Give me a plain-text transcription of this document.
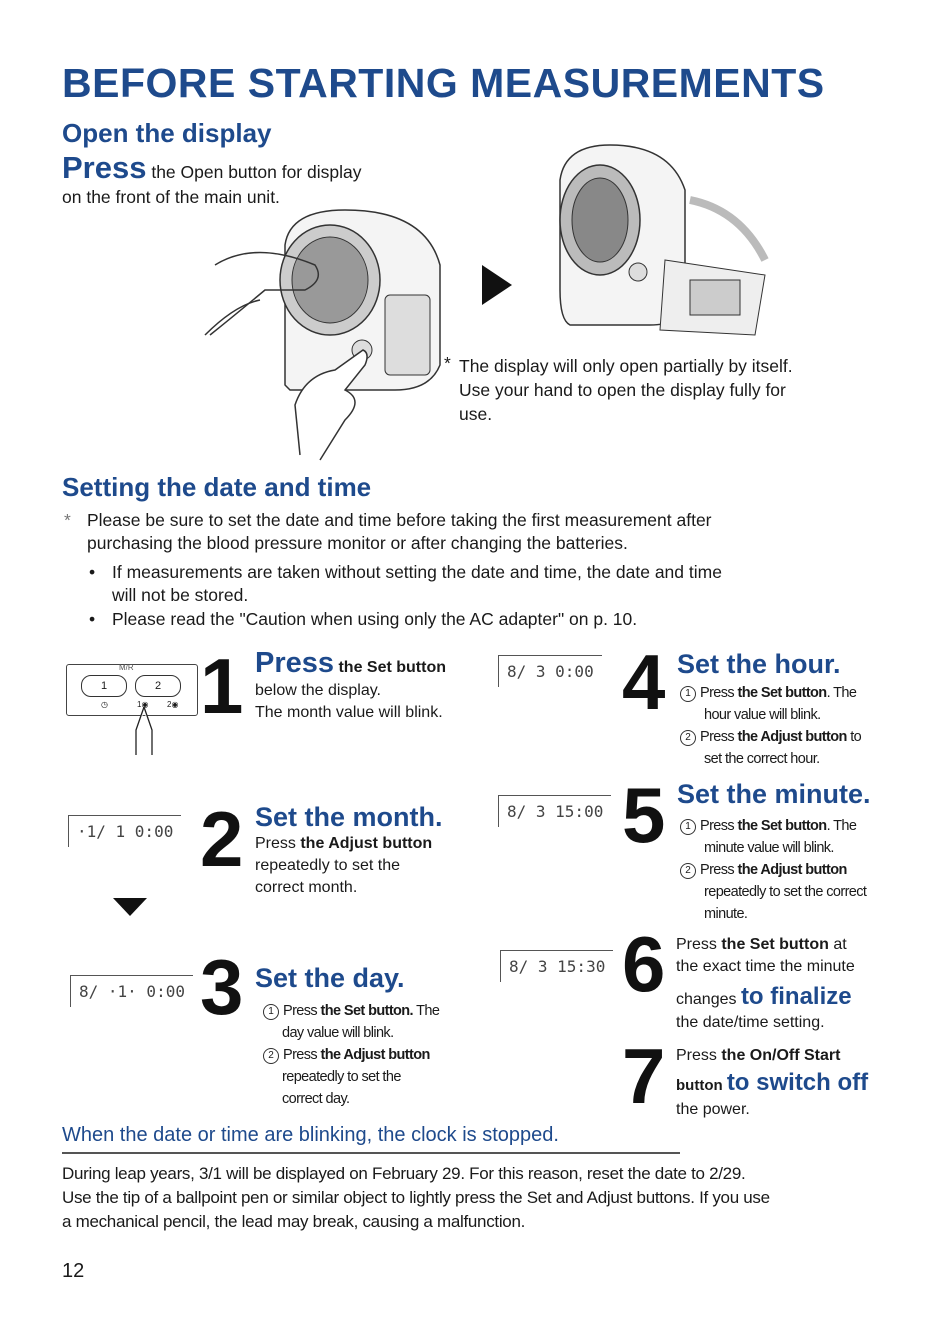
BEFORE STARTING MEASUREMENTS
Open the display
Press the Open button for display
on the front of the main unit.
* The display will only open partially by itself.
Use your hand to open the display fully for
use.
Setting the date and time
* Please be sure to set the date and time before taking the first measurement after
purchasing the blood pressure monitor or after changing the batteries.
• If measurements are taken without setting the date and time, the date and time
will not be stored.
• Please read the "Caution when using only the AC adapter" on p. 10.
M/R
1	2
◷	1◉ 2◉ 1 Press the Set button
below the display.
The month value will blink.
·1/ 1 0:00 2 Set the month.
Press the Adjust button
repeatedly to set the
correct month.
8/ ·1· 0:00 3 Set the day.
1 Press the Set button. The
day value will blink.
2 Press the Adjust button
repeatedly to set the
correct day.
8/ 3 0:00 4 Set the hour.
1 Press the Set button. The
hour value will blink.
2 Press the Adjust button to
set the correct hour.
8/ 3 15:00 5 Set the minute.
1 Press the Set button. The
minute value will blink.
2 Press the Adjust button
repeatedly to set the correct
minute.
8/ 3 15:30 6 Press the Set button at
the exact time the minute
changes to finalize
the date/time setting.
7 Press the On/Off Start
button to switch off
the power.
When the date or time are blinking, the clock is stopped.
During leap years, 3/1 will be displayed on February 29. For this reason, reset the date to 2/29.
Use the tip of a ballpoint pen or similar object to lightly press the Set and Adjust buttons. If you use
a mechanical pencil, the lead may break, causing a malfunction.
12
